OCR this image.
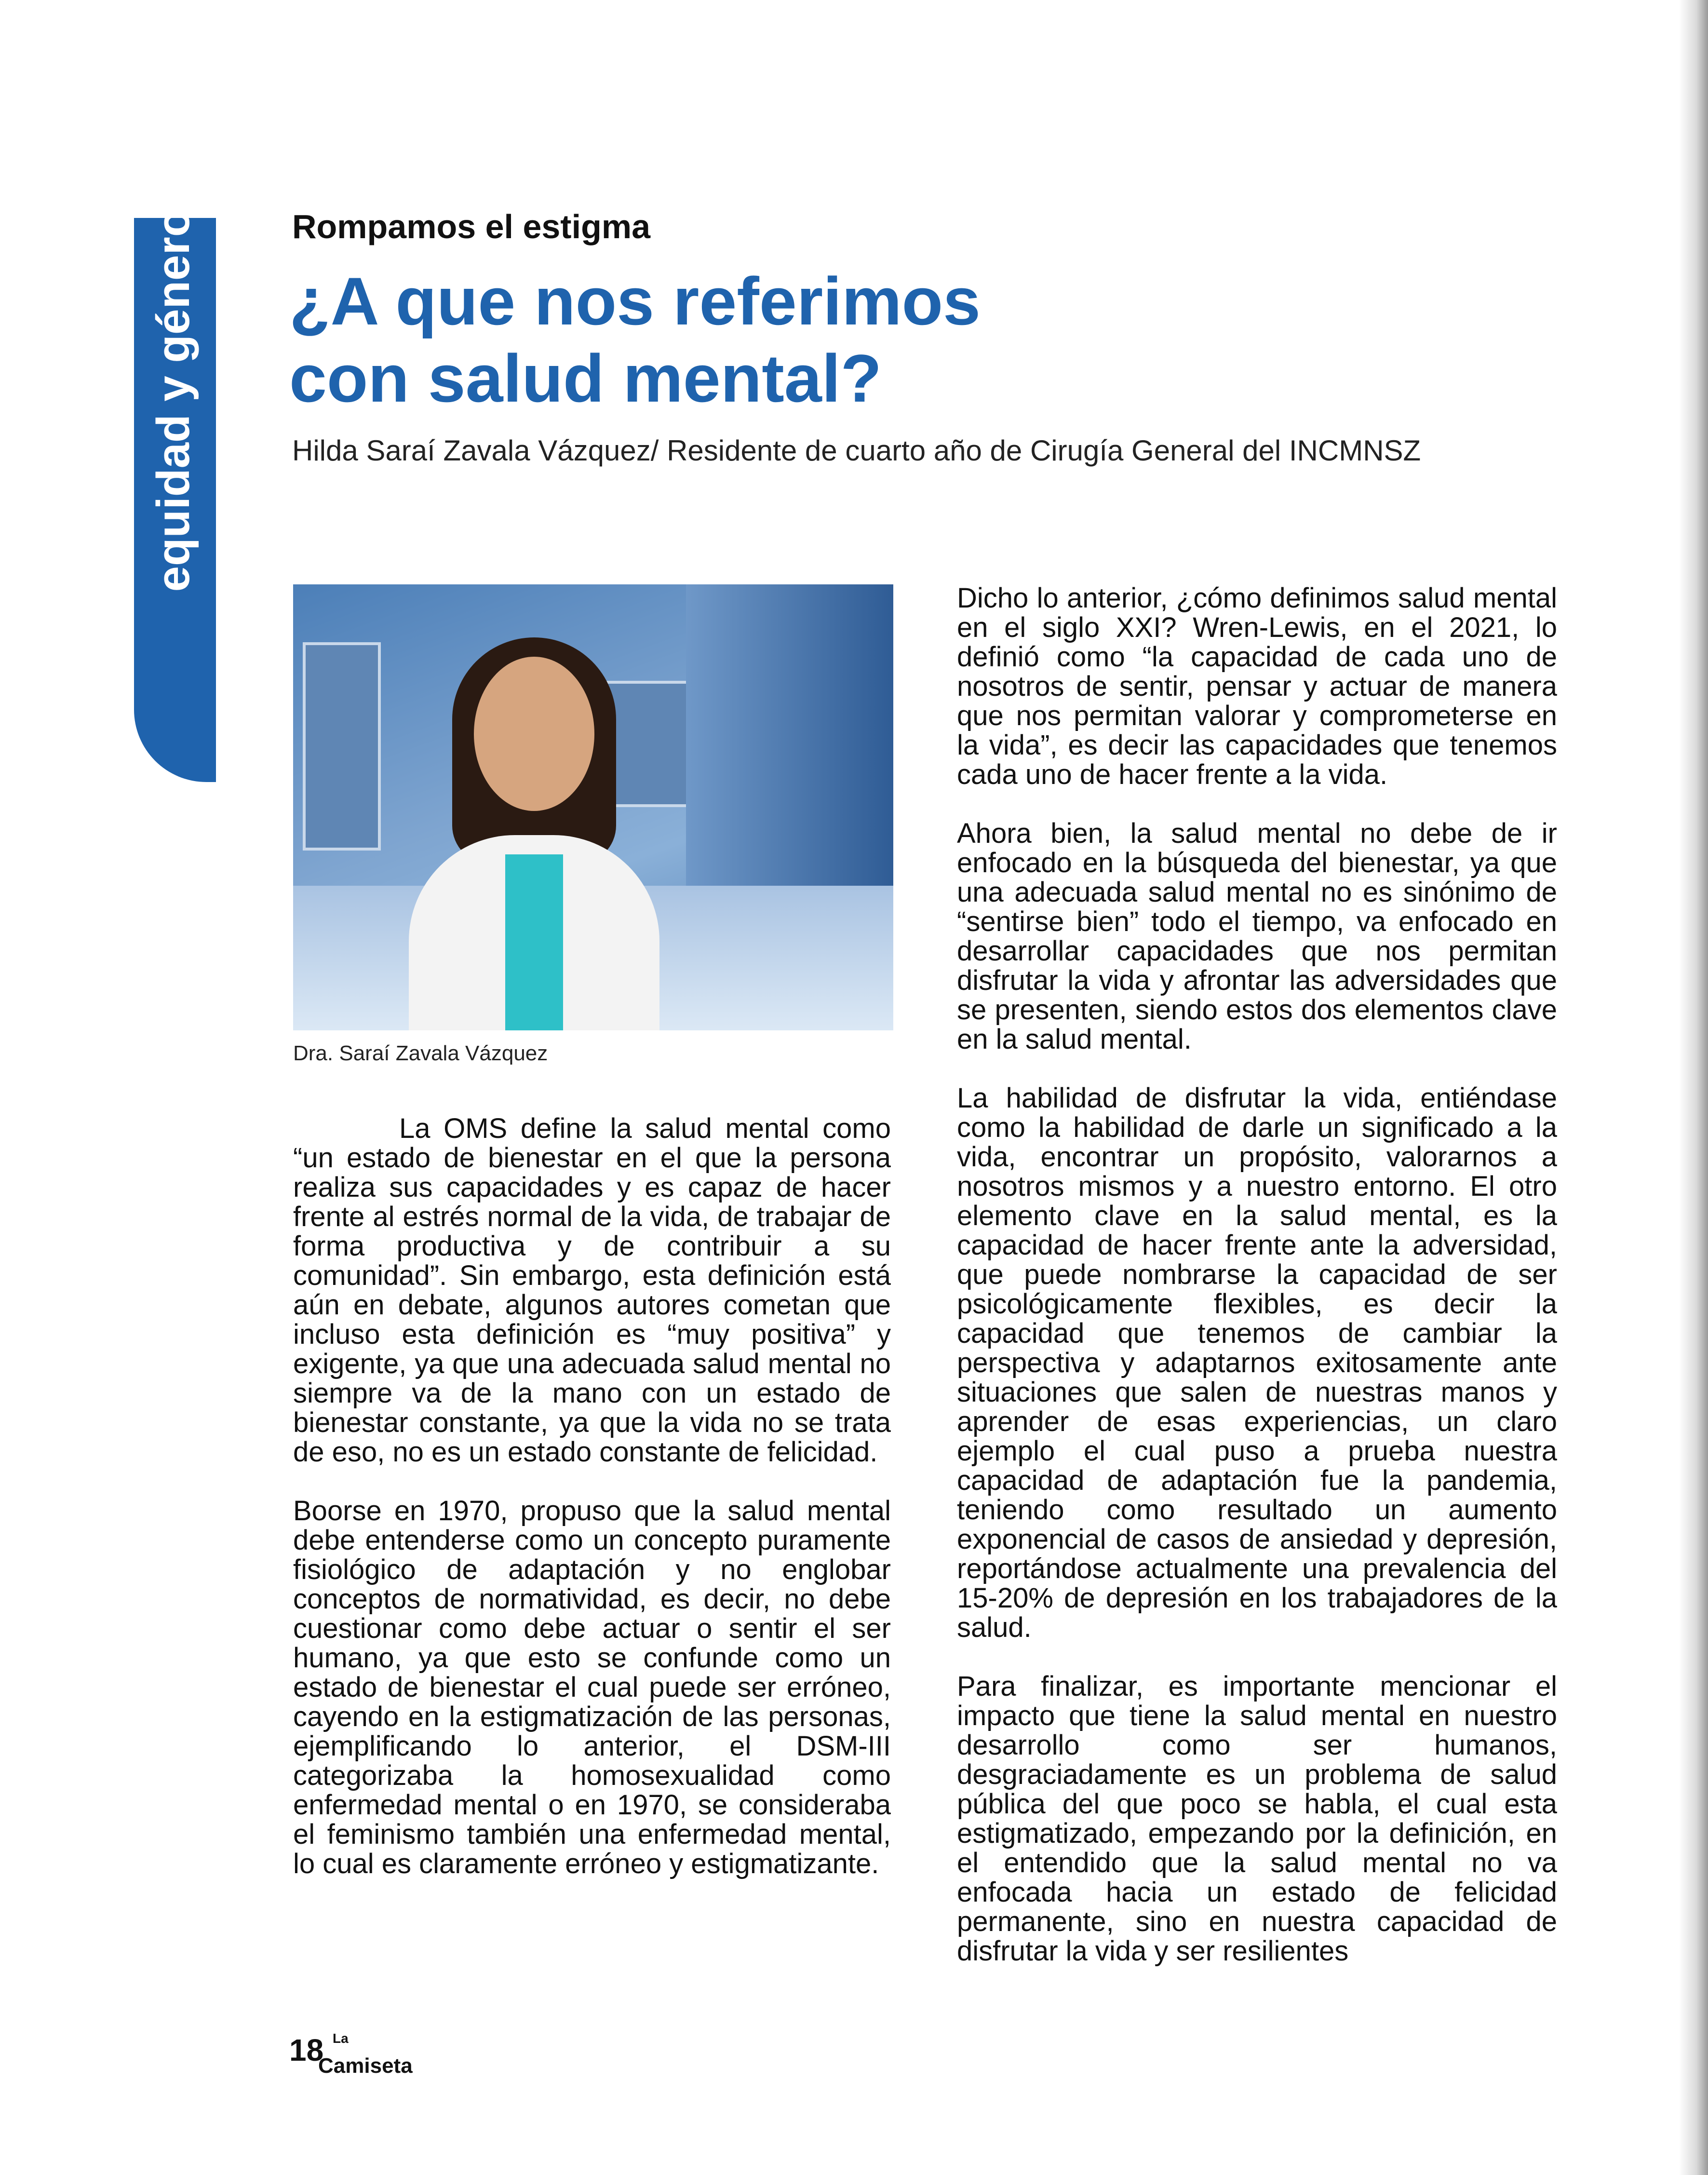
equidad y género	Rompamos el estigma
¿A que nos referimos
con salud mental?
Hilda Saraí Zavala Vázquez/ Residente de cuarto año de Cirugía General del INCMNSZ
Dra. Saraí Zavala Vázquez

La OMS define la salud mental como “un estado de bienestar en el que la persona realiza sus capacidades y es capaz de hacer frente al estrés normal de la vida, de trabajar de forma productiva y de contribuir a su comunidad”. Sin embargo, esta definición está aún en debate, algunos autores cometan que incluso esta definición es “muy positiva” y exigente, ya que una adecuada salud mental no siempre va de la mano con un estado de bienestar constante, ya que la vida no se trata de eso, no es un estado constante de felicidad.

Boorse en 1970, propuso que la salud mental debe entenderse como un concepto puramente fisiológico de adaptación y no englobar conceptos de normatividad, es decir, no debe cuestionar como debe actuar o sentir el ser humano, ya que esto se confunde como un estado de bienestar el cual puede ser erróneo, cayendo en la estigmatización de las personas, ejemplificando lo anterior, el DSM-III categorizaba la homosexualidad como enfermedad mental o en 1970, se consideraba el feminismo también una enfermedad mental, lo cual es claramente erróneo y estigmatizante.

Dicho lo anterior, ¿cómo definimos salud mental en el siglo XXI? Wren-Lewis, en el 2021, lo definió como “la capacidad de cada uno de nosotros de sentir, pensar y actuar de manera que nos permitan valorar y comprometerse en la vida”, es decir las capacidades que tenemos cada uno de hacer frente a la vida.

Ahora bien, la salud mental no debe de ir enfocado en la búsqueda del bienestar, ya que una adecuada salud mental no es sinónimo de “sentirse bien” todo el tiempo, va enfocado en desarrollar capacidades que nos permitan disfrutar la vida y afrontar las adversidades que se presenten, siendo estos dos elementos clave en la salud mental.

La habilidad de disfrutar la vida, entiéndase como la habilidad de darle un significado a la vida, encontrar un propósito, valorarnos a nosotros mismos y a nuestro entorno. El otro elemento clave en la salud mental, es la capacidad de hacer frente ante la adversidad, que puede nombrarse la capacidad de ser psicológicamente flexibles, es decir la capacidad que tenemos de cambiar la perspectiva y adaptarnos exitosamente ante situaciones que salen de nuestras manos y aprender de esas experiencias, un claro ejemplo el cual puso a prueba nuestra capacidad de adaptación fue la pandemia, teniendo como resultado un aumento exponencial de casos de ansiedad y depresión, reportándose actualmente una prevalencia del 15-20% de depresión en los trabajadores de la salud.

Para finalizar, es importante mencionar el impacto que tiene la salud mental en nuestro desarrollo como ser humanos, desgraciadamente es un problema de salud pública del que poco se habla, el cual esta estigmatizado, empezando por la definición, en el entendido que la salud mental no va enfocada hacia un estado de felicidad permanente, sino en nuestra capacidad de disfrutar la vida y ser resilientes

18 La
Camiseta
